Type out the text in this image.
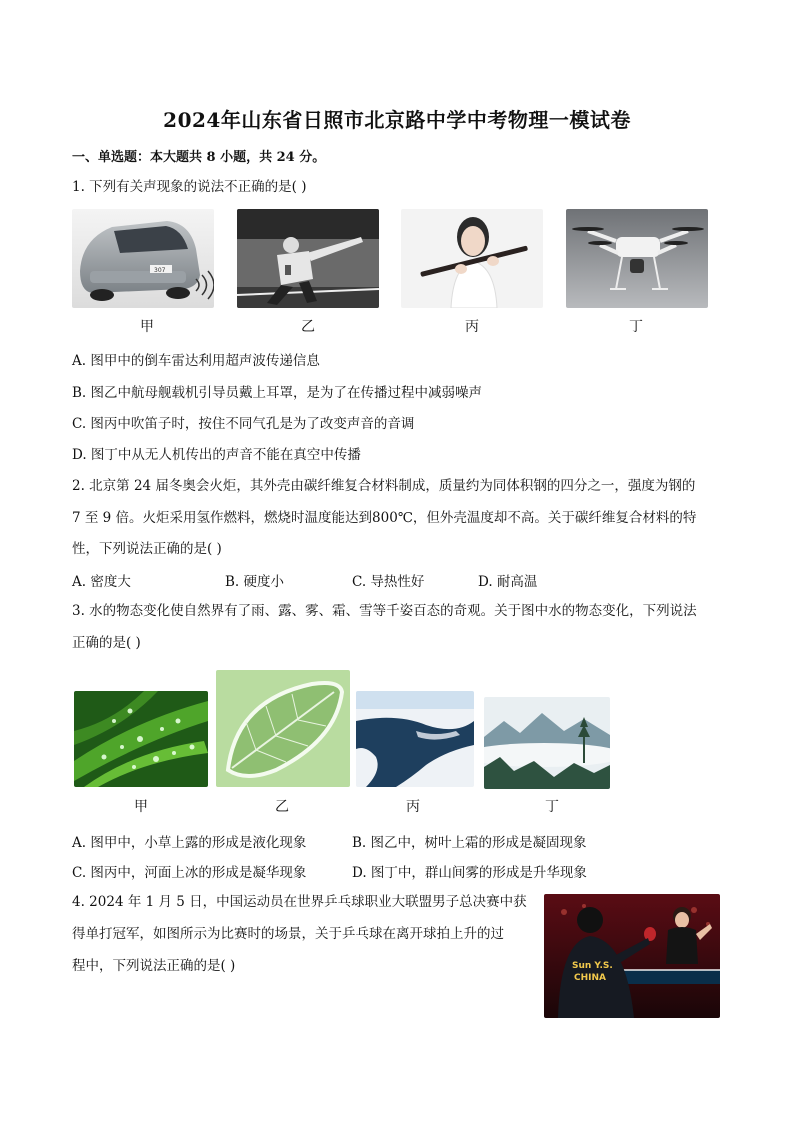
2024年山东省日照市北京路中学中考物理一模试卷
一、单选题：本大题共 8 小题，共 24 分。
1. 下列有关声现象的说法不正确的是( )
307
甲	乙	丙	丁
A. 图甲中的倒车雷达利用超声波传递信息
B. 图乙中航母舰载机引导员戴上耳罩，是为了在传播过程中减弱噪声
C. 图丙中吹笛子时，按住不同气孔是为了改变声音的音调
D. 图丁中从无人机传出的声音不能在真空中传播
2. 北京第 24 届冬奥会火炬，其外壳由碳纤维复合材料制成，质量约为同体积钢的四分之一，强度为钢的
7 至 9 倍。火炬采用氢作燃料，燃烧时温度能达到800℃，但外壳温度却不高。关于碳纤维复合材料的特
性，下列说法正确的是( )
A. 密度大	B. 硬度小	C. 导热性好	D. 耐高温
3. 水的物态变化使自然界有了雨、露、雾、霜、雪等千姿百态的奇观。关于图中水的物态变化，下列说法
正确的是( )
甲	乙	丙	丁
A. 图甲中，小草上露的形成是液化现象	B. 图乙中，树叶上霜的形成是凝固现象
C. 图丙中，河面上冰的形成是凝华现象	D. 图丁中，群山间雾的形成是升华现象
4. 2024 年 1 月 5 日，中国运动员在世界乒乓球职业大联盟男子总决赛中获
得单打冠军，如图所示为比赛时的场景，关于乒乓球在离开球拍上升的过
程中，下列说法正确的是( )	Sun Y.S.
CHINA
